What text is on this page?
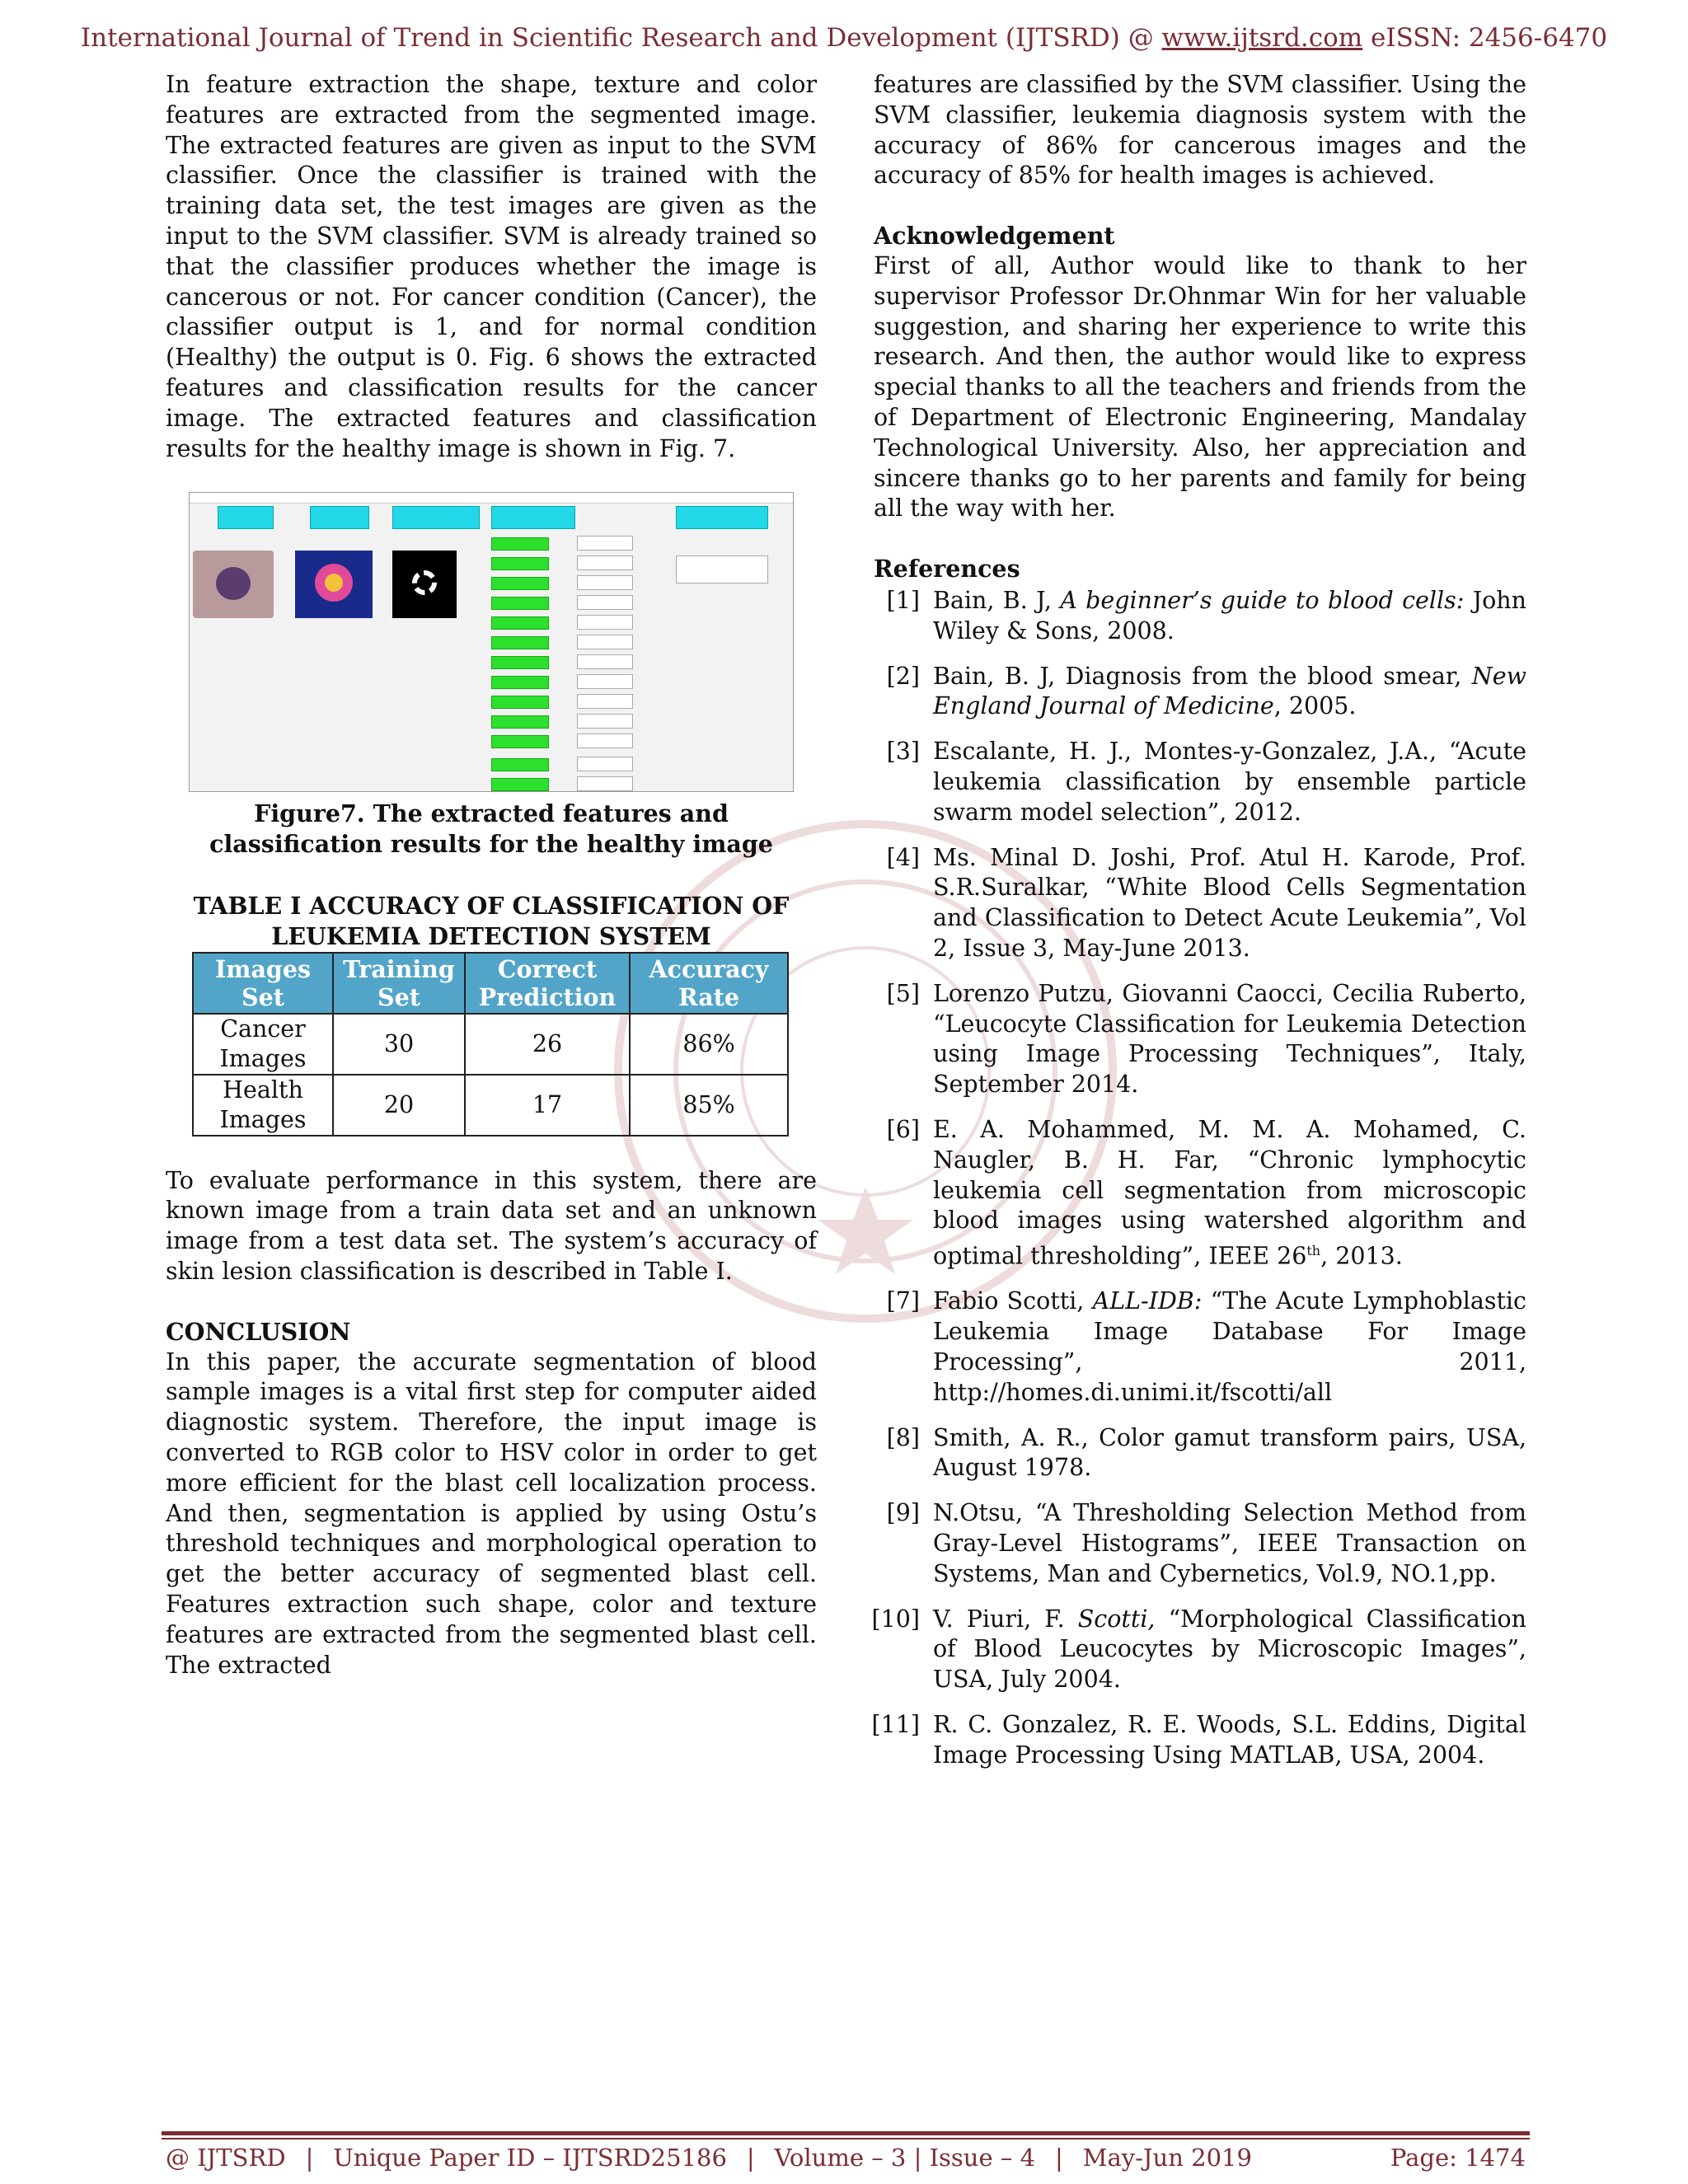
International Journal of Trend in Scientific Research and Development (IJTSRD) @ www.ijtsrd.com eISSN: 2456-6470

In feature extraction the shape, texture and color features are extracted from the segmented image. The extracted features are given as input to the SVM classifier. Once the classifier is trained with the training data set, the test images are given as the input to the SVM classifier. SVM is already trained so that the classifier produces whether the image is cancerous or not. For cancer condition (Cancer), the classifier output is 1, and for normal condition (Healthy) the output is 0. Fig. 6 shows the extracted features and classification results for the cancer image. The extracted features and classification results for the healthy image is shown in Fig. 7.

Figure7. The extracted features and classification results for the healthy image
TABLE I ACCURACY OF CLASSIFICATION OF LEUKEMIA DETECTION SYSTEM
Images Set	Training Set	Correct Prediction	Accuracy Rate
Cancer Images	30	26	86%
Health Images	20	17	85%

To evaluate performance in this system, there are known image from a train data set and an unknown image from a test data set. The system’s accuracy of skin lesion classification is described in Table I.

CONCLUSION

In this paper, the accurate segmentation of blood sample images is a vital first step for computer aided diagnostic system. Therefore, the input image is converted to RGB color to HSV color in order to get more efficient for the blast cell localization process. And then, segmentation is applied by using Ostu’s threshold techniques and morphological operation to get the better accuracy of segmented blast cell. Features extraction such shape, color and texture features are extracted from the segmented blast cell. The extracted

features are classified by the SVM classifier. Using the SVM classifier, leukemia diagnosis system with the accuracy of 86% for cancerous images and the accuracy of 85% for health images is achieved.

Acknowledgement

First of all, Author would like to thank to her supervisor Professor Dr.Ohnmar Win for her valuable suggestion, and sharing her experience to write this research. And then, the author would like to express special thanks to all the teachers and friends from the of Department of Electronic Engineering, Mandalay Technological University. Also, her appreciation and sincere thanks go to her parents and family for being all the way with her.

References
[1] Bain, B. J, A beginner’s guide to blood cells: John Wiley & Sons, 2008.
[2] Bain, B. J, Diagnosis from the blood smear, New England Journal of Medicine, 2005.
[3] Escalante, H. J., Montes-y-Gonzalez, J.A., “Acute leukemia classification by ensemble particle swarm model selection”, 2012.
[4] Ms. Minal D. Joshi, Prof. Atul H. Karode, Prof. S.R.Suralkar, “White Blood Cells Segmentation and Classification to Detect Acute Leukemia”, Vol 2, Issue 3, May-June 2013.
[5] Lorenzo Putzu, Giovanni Caocci, Cecilia Ruberto, “Leucocyte Classification for Leukemia Detection using Image Processing Techniques”, Italy, September 2014.
[6] E. A. Mohammed, M. M. A. Mohamed, C. Naugler, B. H. Far, “Chronic lymphocytic leukemia cell segmentation from microscopic blood images using watershed algorithm and optimal thresholding”, IEEE 26th, 2013.
[7] Fabio Scotti, ALL-IDB: “The Acute Lymphoblastic Leukemia Image Database For Image Processing”, 2011, http://homes.di.unimi.it/fscotti/all
[8] Smith, A. R., Color gamut transform pairs, USA, August 1978.
[9] N.Otsu, “A Thresholding Selection Method from Gray-Level Histograms”, IEEE Transaction on Systems, Man and Cybernetics, Vol.9, NO.1,pp.
[10] V. Piuri, F. Scotti, “Morphological Classification of Blood Leucocytes by Microscopic Images”, USA, July 2004.
[11] R. C. Gonzalez, R. E. Woods, S.L. Eddins, Digital Image Processing Using MATLAB, USA, 2004.
@ IJTSRD | Unique Paper ID – IJTSRD25186 | Volume – 3 | Issue – 4 | May-Jun 2019	Page: 1474
